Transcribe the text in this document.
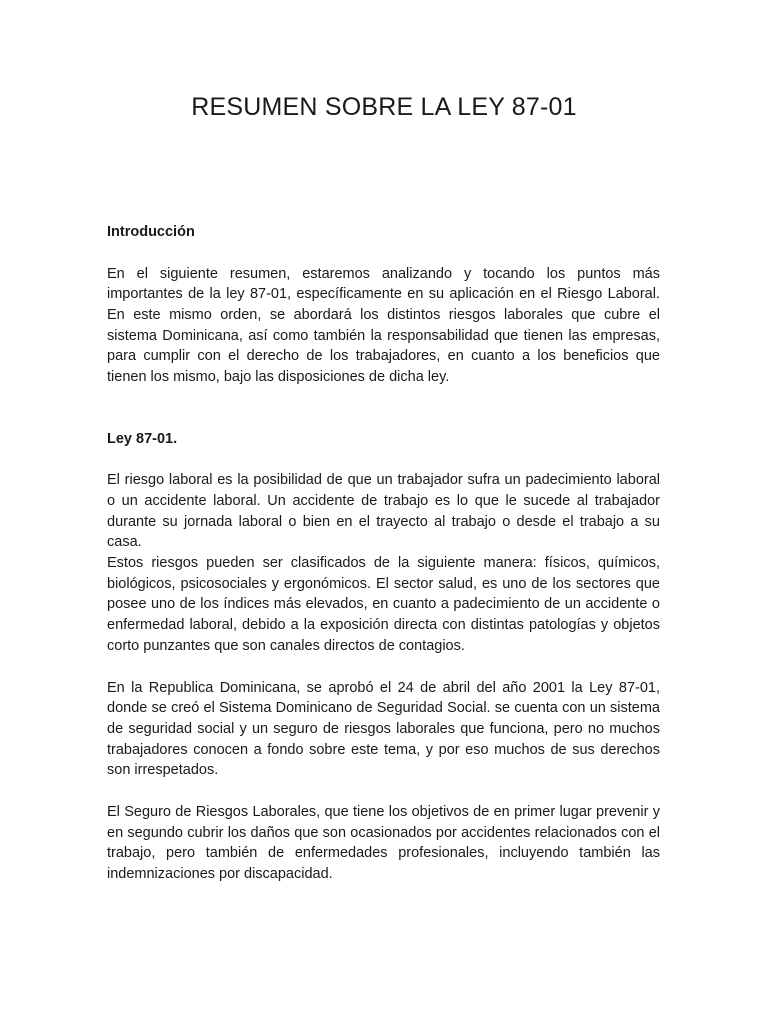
RESUMEN SOBRE LA LEY 87-01

Introducción

En el siguiente resumen, estaremos analizando y tocando los puntos más importantes de la ley 87-01, específicamente en su aplicación en el Riesgo Laboral. En este mismo orden, se abordará los distintos riesgos laborales que cubre el sistema Dominicana, así como también la responsabilidad que tienen las empresas, para cumplir con el derecho de los trabajadores, en cuanto a los beneficios que tienen los mismo, bajo las disposiciones de dicha ley.

Ley 87-01.

El riesgo laboral es la posibilidad de que un trabajador sufra un padecimiento laboral o un accidente laboral. Un accidente de trabajo es lo que le sucede al trabajador durante su jornada laboral o bien en el trayecto al trabajo o desde el trabajo a su casa.

Estos riesgos pueden ser clasificados de la siguiente manera: físicos, químicos, biológicos, psicosociales y ergonómicos. El sector salud, es uno de los sectores que posee uno de los índices más elevados, en cuanto a padecimiento de un accidente o enfermedad laboral, debido a la exposición directa con distintas patologías y objetos corto punzantes que son canales directos de contagios.

En la Republica Dominicana, se aprobó el 24 de abril del año 2001 la Ley 87-01, donde se creó el Sistema Dominicano de Seguridad Social. se cuenta con un sistema de seguridad social y un seguro de riesgos laborales que funciona, pero no muchos trabajadores conocen a fondo sobre este tema, y por eso muchos de sus derechos son irrespetados.

El Seguro de Riesgos Laborales, que tiene los objetivos de en primer lugar prevenir y en segundo cubrir los daños que son ocasionados por accidentes relacionados con el trabajo, pero también de enfermedades profesionales, incluyendo también las indemnizaciones por discapacidad.
